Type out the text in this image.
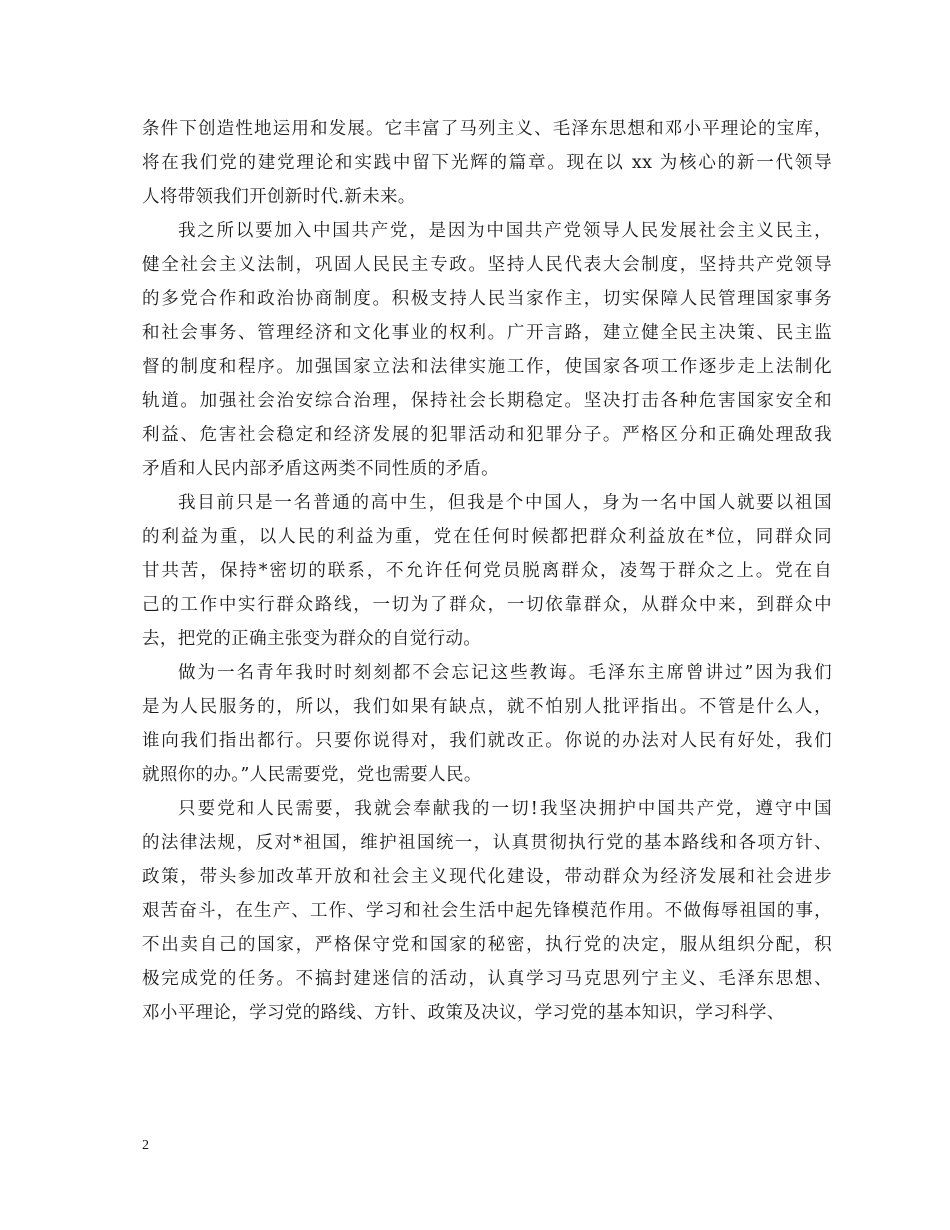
条件下创造性地运用和发展。它丰富了马列主义、毛泽东思想和邓小平理论的宝库，
将在我们党的建党理论和实践中留下光辉的篇章。现在以 xx 为核心的新一代领导
人将带领我们开创新时代.新未来。
我之所以要加入中国共产党，是因为中国共产党领导人民发展社会主义民主，
健全社会主义法制，巩固人民民主专政。坚持人民代表大会制度，坚持共产党领导
的多党合作和政治协商制度。积极支持人民当家作主，切实保障人民管理国家事务
和社会事务、管理经济和文化事业的权利。广开言路，建立健全民主决策、民主监
督的制度和程序。加强国家立法和法律实施工作，使国家各项工作逐步走上法制化
轨道。加强社会治安综合治理，保持社会长期稳定。坚决打击各种危害国家安全和
利益、危害社会稳定和经济发展的犯罪活动和犯罪分子。严格区分和正确处理敌我
矛盾和人民内部矛盾这两类不同性质的矛盾。
我目前只是一名普通的高中生，但我是个中国人，身为一名中国人就要以祖国
的利益为重，以人民的利益为重，党在任何时候都把群众利益放在*位，同群众同
甘共苦，保持*密切的联系，不允许任何党员脱离群众，凌驾于群众之上。党在自
己的工作中实行群众路线，一切为了群众，一切依靠群众，从群众中来，到群众中
去，把党的正确主张变为群众的自觉行动。
做为一名青年我时时刻刻都不会忘记这些教诲。毛泽东主席曾讲过”因为我们
是为人民服务的，所以，我们如果有缺点，就不怕别人批评指出。不管是什么人，
谁向我们指出都行。只要你说得对，我们就改正。你说的办法对人民有好处，我们
就照你的办。”人民需要党，党也需要人民。
只要党和人民需要，我就会奉献我的一切!我坚决拥护中国共产党，遵守中国
的法律法规，反对*祖国，维护祖国统一，认真贯彻执行党的基本路线和各项方针、
政策，带头参加改革开放和社会主义现代化建设，带动群众为经济发展和社会进步
艰苦奋斗，在生产、工作、学习和社会生活中起先锋模范作用。不做侮辱祖国的事，
不出卖自己的国家，严格保守党和国家的秘密，执行党的决定，服从组织分配，积
极完成党的任务。不搞封建迷信的活动，认真学习马克思列宁主义、毛泽东思想、
邓小平理论，学习党的路线、方针、政策及决议，学习党的基本知识，学习科学、
2
